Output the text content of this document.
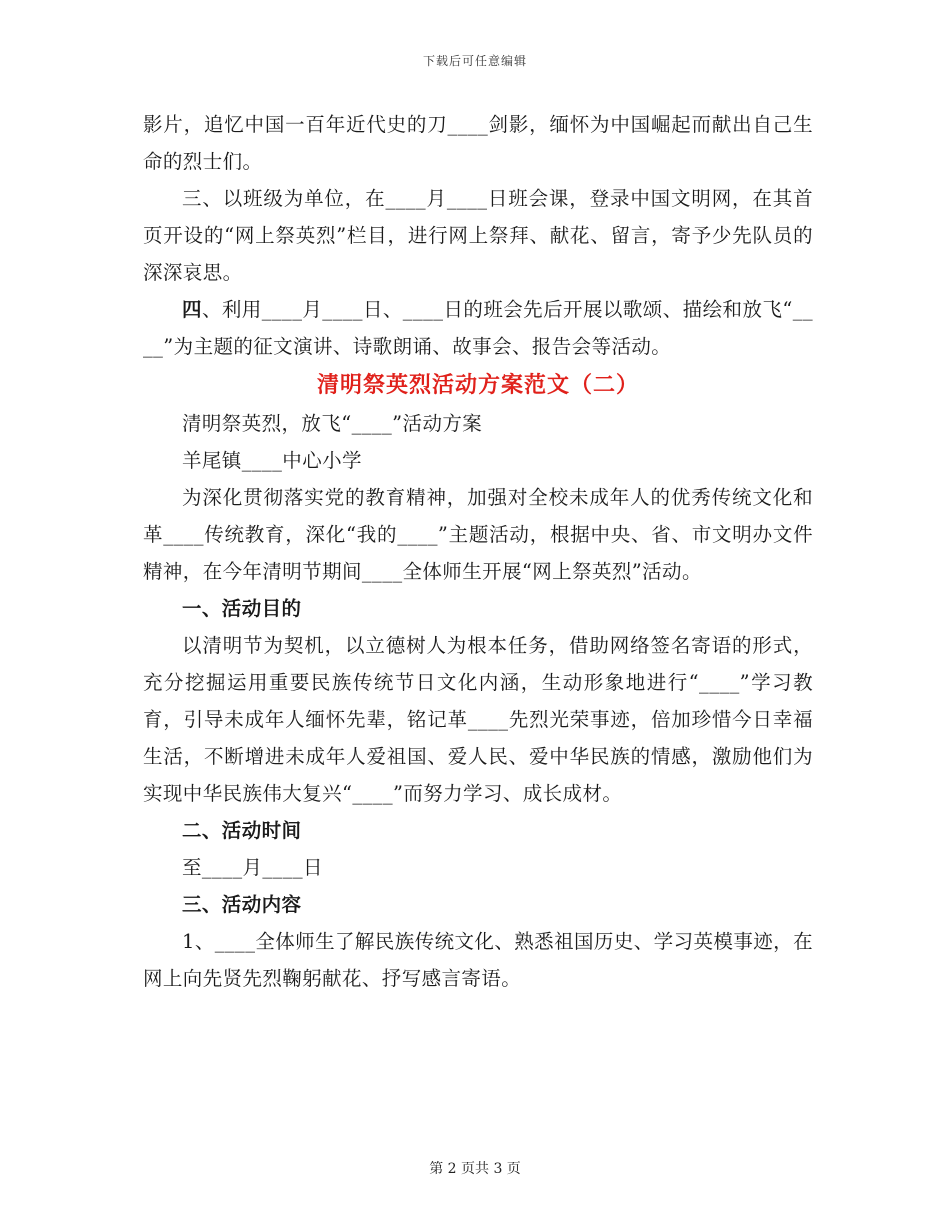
下载后可任意编辑

影片，追忆中国一百年近代史的刀____剑影，缅怀为中国崛起而献出自己生命的烈士们。

三、以班级为单位，在____月____日班会课，登录中国文明网，在其首页开设的“网上祭英烈”栏目，进行网上祭拜、献花、留言，寄予少先队员的深深哀思。

四、利用____月____日、____日的班会先后开展以歌颂、描绘和放飞“____”为主题的征文演讲、诗歌朗诵、故事会、报告会等活动。

清明祭英烈活动方案范文（二）

清明祭英烈，放飞“____”活动方案

羊尾镇____中心小学

为深化贯彻落实党的教育精神，加强对全校未成年人的优秀传统文化和革____传统教育，深化“我的____”主题活动，根据中央、省、市文明办文件精神，在今年清明节期间____全体师生开展“网上祭英烈”活动。

一、活动目的

以清明节为契机，以立德树人为根本任务，借助网络签名寄语的形式，充分挖掘运用重要民族传统节日文化内涵，生动形象地进行“____”学习教育，引导未成年人缅怀先辈，铭记革____先烈光荣事迹，倍加珍惜今日幸福生活，不断增进未成年人爱祖国、爱人民、爱中华民族的情感，激励他们为实现中华民族伟大复兴“____”而努力学习、成长成材。

二、活动时间

至____月____日

三、活动内容

1、____全体师生了解民族传统文化、熟悉祖国历史、学习英模事迹，在网上向先贤先烈鞠躬献花、抒写感言寄语。

第 2 页共 3 页
